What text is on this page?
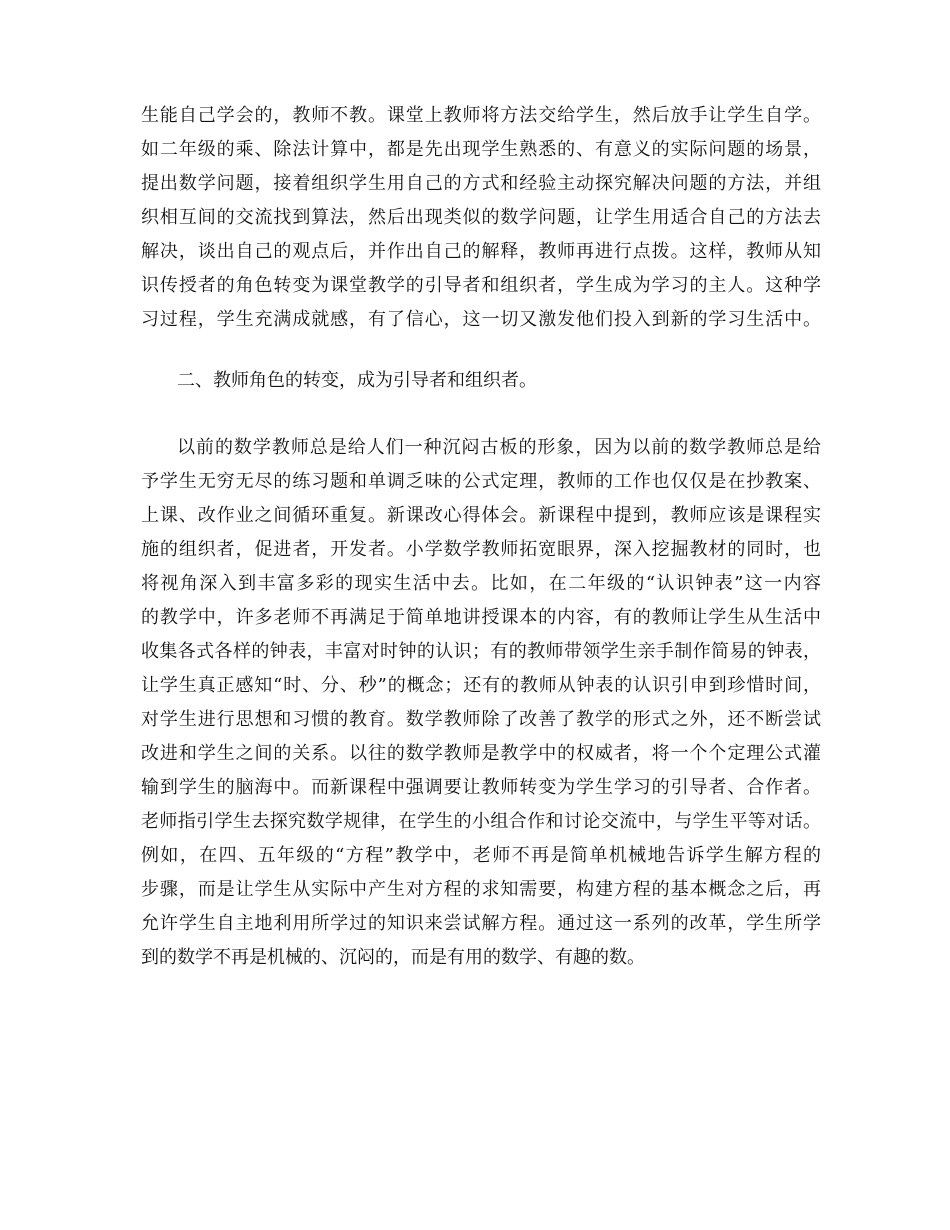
生能自己学会的，教师不教。课堂上教师将方法交给学生，然后放手让学生自学。
如二年级的乘、除法计算中，都是先出现学生熟悉的、有意义的实际问题的场景，
提出数学问题，接着组织学生用自己的方式和经验主动探究解决问题的方法，并组
织相互间的交流找到算法，然后出现类似的数学问题，让学生用适合自己的方法去
解决，谈出自己的观点后，并作出自己的解释，教师再进行点拨。这样，教师从知
识传授者的角色转变为课堂教学的引导者和组织者，学生成为学习的主人。这种学
习过程，学生充满成就感，有了信心，这一切又激发他们投入到新的学习生活中。
二、教师角色的转变，成为引导者和组织者。
以前的数学教师总是给人们一种沉闷古板的形象，因为以前的数学教师总是给
予学生无穷无尽的练习题和单调乏味的公式定理，教师的工作也仅仅是在抄教案、
上课、改作业之间循环重复。新课改心得体会。新课程中提到，教师应该是课程实
施的组织者，促进者，开发者。小学数学教师拓宽眼界，深入挖掘教材的同时，也
将视角深入到丰富多彩的现实生活中去。比如，在二年级的“认识钟表”这一内容
的教学中，许多老师不再满足于简单地讲授课本的内容，有的教师让学生从生活中
收集各式各样的钟表，丰富对时钟的认识；有的教师带领学生亲手制作简易的钟表，
让学生真正感知“时、分、秒”的概念；还有的教师从钟表的认识引申到珍惜时间，
对学生进行思想和习惯的教育。数学教师除了改善了教学的形式之外，还不断尝试
改进和学生之间的关系。以往的数学教师是教学中的权威者，将一个个定理公式灌
输到学生的脑海中。而新课程中强调要让教师转变为学生学习的引导者、合作者。
老师指引学生去探究数学规律，在学生的小组合作和讨论交流中，与学生平等对话。
例如，在四、五年级的“方程”教学中，老师不再是简单机械地告诉学生解方程的
步骤，而是让学生从实际中产生对方程的求知需要，构建方程的基本概念之后，再
允许学生自主地利用所学过的知识来尝试解方程。通过这一系列的改革，学生所学
到的数学不再是机械的、沉闷的，而是有用的数学、有趣的数。
